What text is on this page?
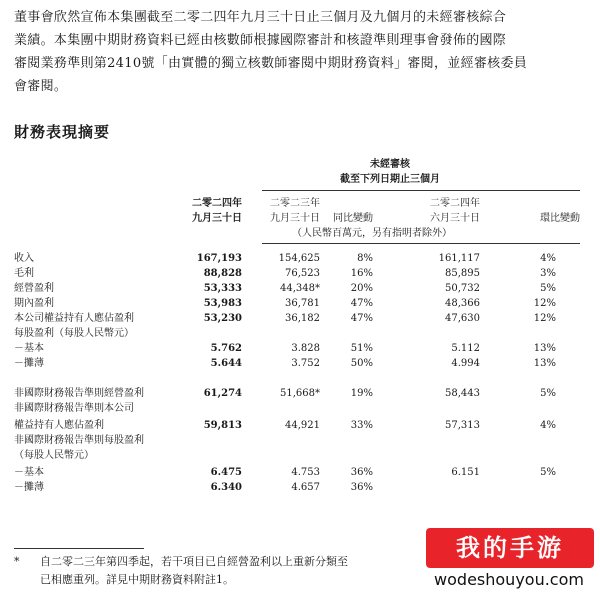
董事會欣然宣佈本集團截至二零二四年九月三十日止三個月及九個月的未經審核綜合
業績。本集團中期財務資料已經由核數師根據國際審計和核證準則理事會發佈的國際
審閱業務準則第2410號「由實體的獨立核數師審閱中期財務資料」審閱，並經審核委員
會審閱。
財務表現摘要
未經審核
截至下列日期止三個月
二零二四年
九月三十日
二零二三年
九月三十日	同比變動
二零二四年
六月三十日	環比變動
（人民幣百萬元，另有指明者除外）
收入	167,193	154,625	8%	161,117	4%
毛利	88,828	76,523	16%	85,895	3%
經營盈利	53,333	44,348*	20%	50,732	5%
期內盈利	53,983	36,781	47%	48,366	12%
本公司權益持有人應佔盈利	53,230	36,182	47%	47,630	12%
每股盈利（每股人民幣元）					
－基本	5.762	3.828	51%	5.112	13%
－攤薄	5.644	3.752	50%	4.994	13%

非國際財務報告準則經營盈利	61,274	51,668*	19%	58,443	5%
非國際財務報告準則本公司					
權益持有人應佔盈利	59,813	44,921	33%	57,313	4%
非國際財務報告準則每股盈利					
（每股人民幣元）					
－基本	6.475	4.753	36%	6.151	5%
－攤薄	6.340	4.657	36%		
* 自二零二三年第四季起，若干項目已自經營盈利以上重新分類至
已相應重列。詳見中期財務資料附註1。
我的手游
wodeshouyou.com
